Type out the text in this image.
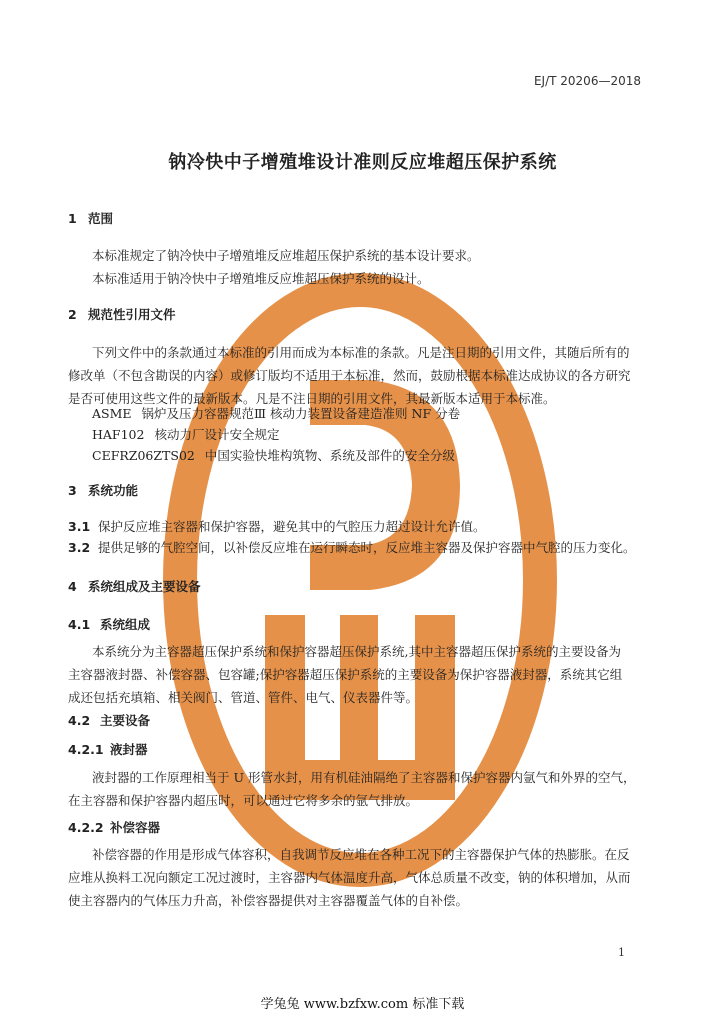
EJ/T 20206—2018
钠冷快中子增殖堆设计准则反应堆超压保护系统
1 范围
本标准规定了钠冷快中子增殖堆反应堆超压保护系统的基本设计要求。
本标准适用于钠冷快中子增殖堆反应堆超压保护系统的设计。
2 规范性引用文件
下列文件中的条款通过本标准的引用而成为本标准的条款。凡是注日期的引用文件，其随后所有的
修改单（不包含勘误的内容）或修订版均不适用于本标准，然而，鼓励根据本标准达成协议的各方研究
是否可使用这些文件的最新版本。凡是不注日期的引用文件，其最新版本适用于本标准。
ASME 锅炉及压力容器规范Ⅲ 核动力装置设备建造准则 NF 分卷
HAF102 核动力厂设计安全规定
CEFRZ06ZTS02 中国实验快堆构筑物、系统及部件的安全分级
3 系统功能
3.1 保护反应堆主容器和保护容器，避免其中的气腔压力超过设计允许值。
3.2 提供足够的气腔空间，以补偿反应堆在运行瞬态时，反应堆主容器及保护容器中气腔的压力变化。
4 系统组成及主要设备
4.1 系统组成
本系统分为主容器超压保护系统和保护容器超压保护系统,其中主容器超压保护系统的主要设备为
主容器液封器、补偿容器、包容罐;保护容器超压保护系统的主要设备为保护容器液封器，系统其它组
成还包括充填箱、相关阀门、管道、管件、电气、仪表器件等。
4.2 主要设备
4.2.1 液封器
液封器的工作原理相当于 U 形管水封，用有机硅油隔绝了主容器和保护容器内氩气和外界的空气，
在主容器和保护容器内超压时，可以通过它将多余的氩气排放。
4.2.2 补偿容器
补偿容器的作用是形成气体容积，自我调节反应堆在各种工况下的主容器保护气体的热膨胀。在反
应堆从换料工况向额定工况过渡时，主容器内气体温度升高，气体总质量不改变，钠的体积增加，从而
使主容器内的气体压力升高，补偿容器提供对主容器覆盖气体的自补偿。
1
学兔兔 www.bzfxw.com 标准下载
